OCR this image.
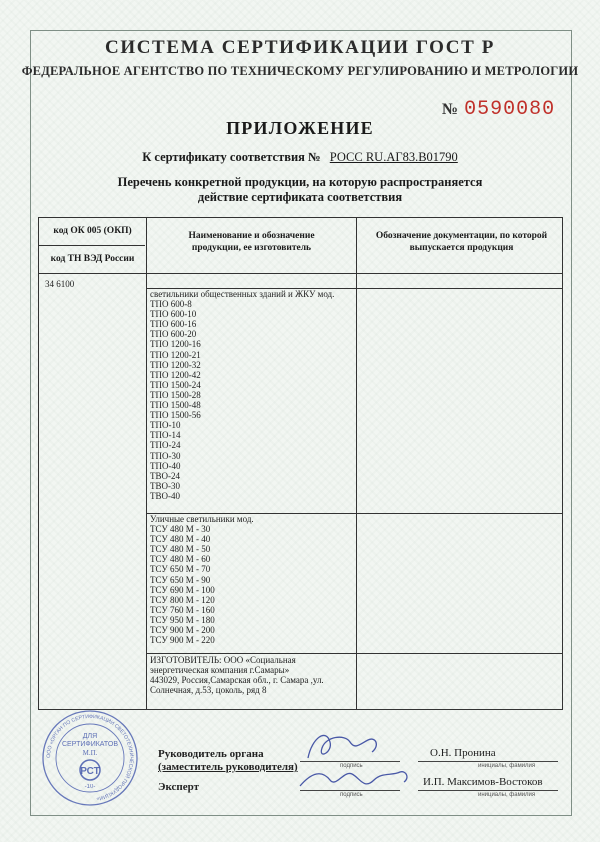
СИСТЕМА СЕРТИФИКАЦИИ ГОСТ Р
ФЕДЕРАЛЬНОЕ АГЕНТСТВО ПО ТЕХНИЧЕСКОМУ РЕГУЛИРОВАНИЮ И МЕТРОЛОГИИ
№ 0590080
ПРИЛОЖЕНИЕ
К сертификату соответствия № РОСС RU.АГ83.В01790
Перечень конкретной продукции, на которую распространяется
действие сертификата соответствия
код ОК 005 (ОКП)
код ТН ВЭД России
Наименование и обозначение продукции, ее изготовитель
Обозначение документации, по которой выпускается продукция
34 6100
светильники общественных зданий и ЖКУ мод.
ТПО 600-8
ТПО 600-10
ТПО 600-16
ТПО 600-20
ТПО 1200-16
ТПО 1200-21
ТПО 1200-32
ТПО 1200-42
ТПО 1500-24
ТПО 1500-28
ТПО 1500-48
ТПО 1500-56
ТПО-10
ТПО-14
ТПО-24
ТПО-30
ТПО-40
ТВО-24
ТВО-30
ТВО-40
Уличные светильники мод.
ТСУ 480 М - 30
ТСУ 480 М - 40
ТСУ 480 М - 50
ТСУ 480 М - 60
ТСУ 650 М - 70
ТСУ 650 М - 90
ТСУ 690 М - 100
ТСУ 800 М - 120
ТСУ 760 М - 160
ТСУ 950 М - 180
ТСУ 900 М - 200
ТСУ 900 М - 220
ИЗГОТОВИТЕЛЬ: ООО «Социальная
энергетическая компания г.Самары»
443029, Россия,Самарская обл., г. Самара ,ул.
Солнечная, д.53, цоколь, ряд 8
ООО «ОРГАН ПО СЕРТИФИКАЦИИ СВЕТОТЕХНИЧЕСКОЙ ПРОДУКЦИИ»
ДЛЯ
СЕРТИФИКАТОВ
М.П.
РСТ
-10-
Руководитель органа
(заместитель руководителя)
Эксперт
подпись
подпись
О.Н. Пронина
инициалы, фамилия
И.П. Максимов-Востоков
инициалы, фамилия
